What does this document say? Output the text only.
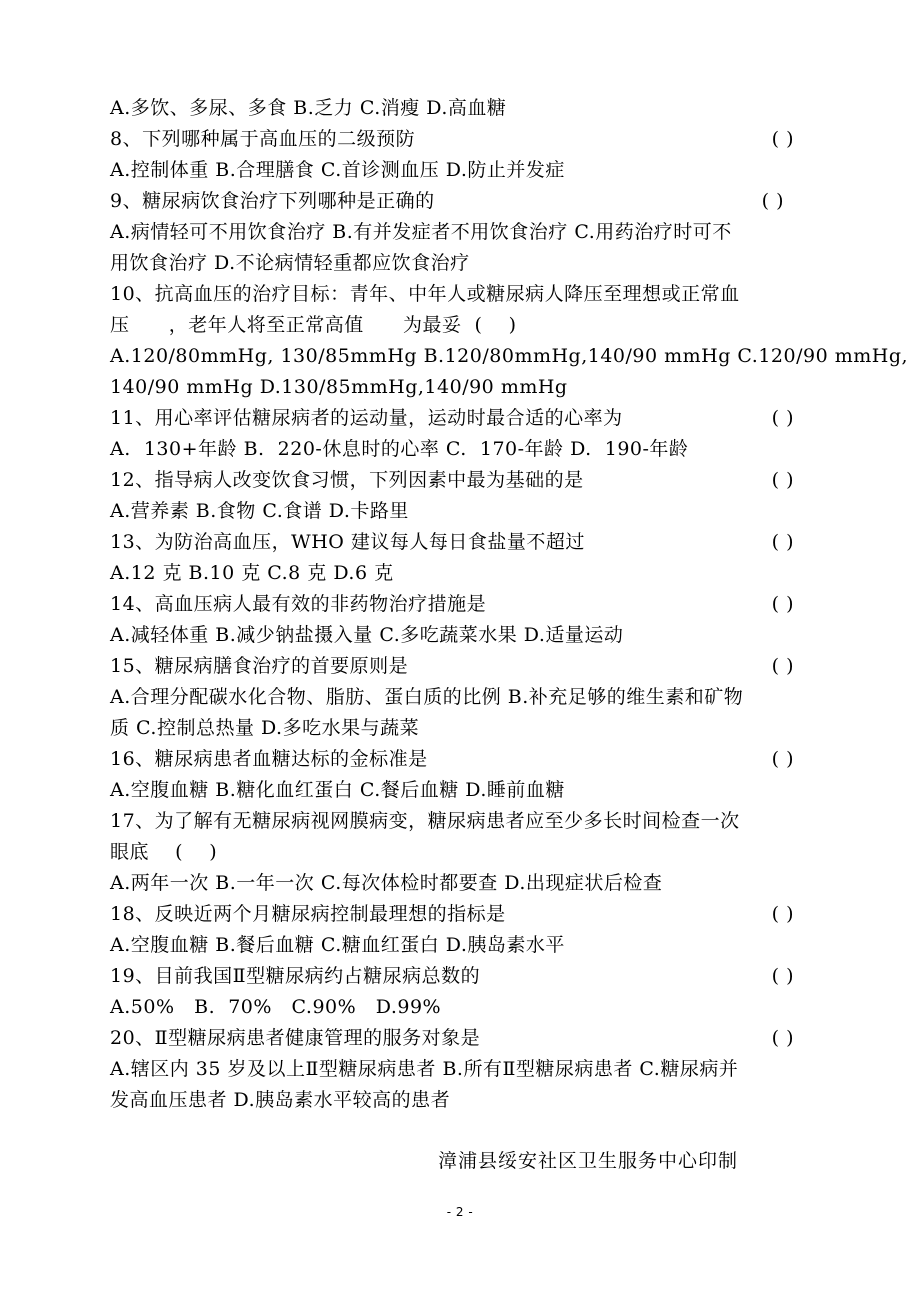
A.多饮、多尿、多食 B.乏力 C.消瘦 D.高血糖
8、下列哪种属于高血压的二级预防	( )
A.控制体重 B.合理膳食 C.首诊测血压 D.防止并发症
9、糖尿病饮食治疗下列哪种是正确的	( )
A.病情轻可不用饮食治疗 B.有并发症者不用饮食治疗 C.用药治疗时可不
用饮食治疗 D.不论病情轻重都应饮食治疗
10、抗高血压的治疗目标：青年、中年人或糖尿病人降压至理想或正常血
压      ，老年人将至正常高值      为最妥  (    )
A.120/80mmHg, 130/85mmHg B.120/80mmHg,140/90 mmHg C.120/90 mmHg,
140/90 mmHg D.130/85mmHg,140/90 mmHg
11、用心率评估糖尿病者的运动量，运动时最合适的心率为	( )
A.  130+年龄 B.  220-休息时的心率 C.  170-年龄 D.  190-年龄
12、指导病人改变饮食习惯，下列因素中最为基础的是	( )
A.营养素 B.食物 C.食谱 D.卡路里
13、为防治高血压，WHO 建议每人每日食盐量不超过	( )
A.12 克 B.10 克 C.8 克 D.6 克
14、高血压病人最有效的非药物治疗措施是	( )
A.减轻体重 B.减少钠盐摄入量 C.多吃蔬菜水果 D.适量运动
15、糖尿病膳食治疗的首要原则是	( )
A.合理分配碳水化合物、脂肪、蛋白质的比例 B.补充足够的维生素和矿物
质 C.控制总热量 D.多吃水果与蔬菜
16、糖尿病患者血糖达标的金标准是	( )
A.空腹血糖 B.糖化血红蛋白 C.餐后血糖 D.睡前血糖
17、为了解有无糖尿病视网膜病变，糖尿病患者应至少多长时间检查一次
眼底    (    )
A.两年一次 B.一年一次 C.每次体检时都要查 D.出现症状后检查
18、反映近两个月糖尿病控制最理想的指标是	( )
A.空腹血糖 B.餐后血糖 C.糖血红蛋白 D.胰岛素水平
19、目前我国Ⅱ型糖尿病约占糖尿病总数的	( )
A.50%   B.  70%   C.90%   D.99%
20、Ⅱ型糖尿病患者健康管理的服务对象是	( )
A.辖区内 35 岁及以上Ⅱ型糖尿病患者 B.所有Ⅱ型糖尿病患者 C.糖尿病并
发高血压患者 D.胰岛素水平较高的患者
漳浦县绥安社区卫生服务中心印制
- 2 -
